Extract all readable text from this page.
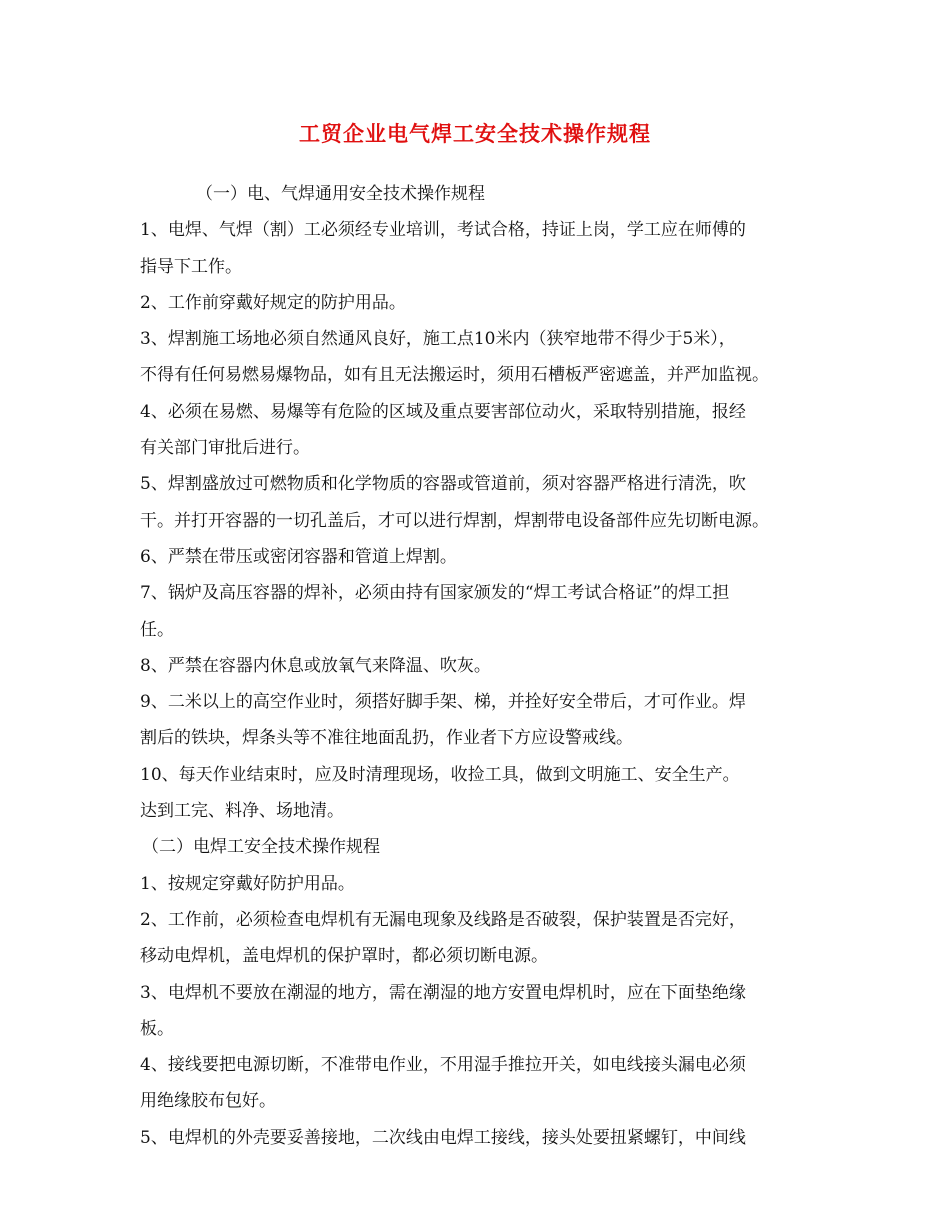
工贸企业电气焊工安全技术操作规程
（一）电、气焊通用安全技术操作规程
1、电焊、气焊（割）工必须经专业培训，考试合格，持证上岗，学工应在师傅的
指导下工作。
2、工作前穿戴好规定的防护用品。
3、焊割施工场地必须自然通风良好，施工点10米内（狭窄地带不得少于5米），
不得有任何易燃易爆物品，如有且无法搬运时，须用石槽板严密遮盖，并严加监视。
4、必须在易燃、易爆等有危险的区域及重点要害部位动火，采取特别措施，报经
有关部门审批后进行。
5、焊割盛放过可燃物质和化学物质的容器或管道前，须对容器严格进行清洗，吹
干。并打开容器的一切孔盖后，才可以进行焊割，焊割带电设备部件应先切断电源。
6、严禁在带压或密闭容器和管道上焊割。
7、锅炉及高压容器的焊补，必须由持有国家颁发的“焊工考试合格证”的焊工担
任。
8、严禁在容器内休息或放氧气来降温、吹灰。
9、二米以上的高空作业时，须搭好脚手架、梯，并拴好安全带后，才可作业。焊
割后的铁块，焊条头等不准往地面乱扔，作业者下方应设警戒线。
10、每天作业结束时，应及时清理现场，收捡工具，做到文明施工、安全生产。
达到工完、料净、场地清。
（二）电焊工安全技术操作规程
1、按规定穿戴好防护用品。
2、工作前，必须检查电焊机有无漏电现象及线路是否破裂，保护装置是否完好，
移动电焊机，盖电焊机的保护罩时，都必须切断电源。
3、电焊机不要放在潮湿的地方，需在潮湿的地方安置电焊机时，应在下面垫绝缘
板。
4、接线要把电源切断，不准带电作业，不用湿手推拉开关，如电线接头漏电必须
用绝缘胶布包好。
5、电焊机的外壳要妥善接地，二次线由电焊工接线，接头处要扭紧螺钉，中间线
